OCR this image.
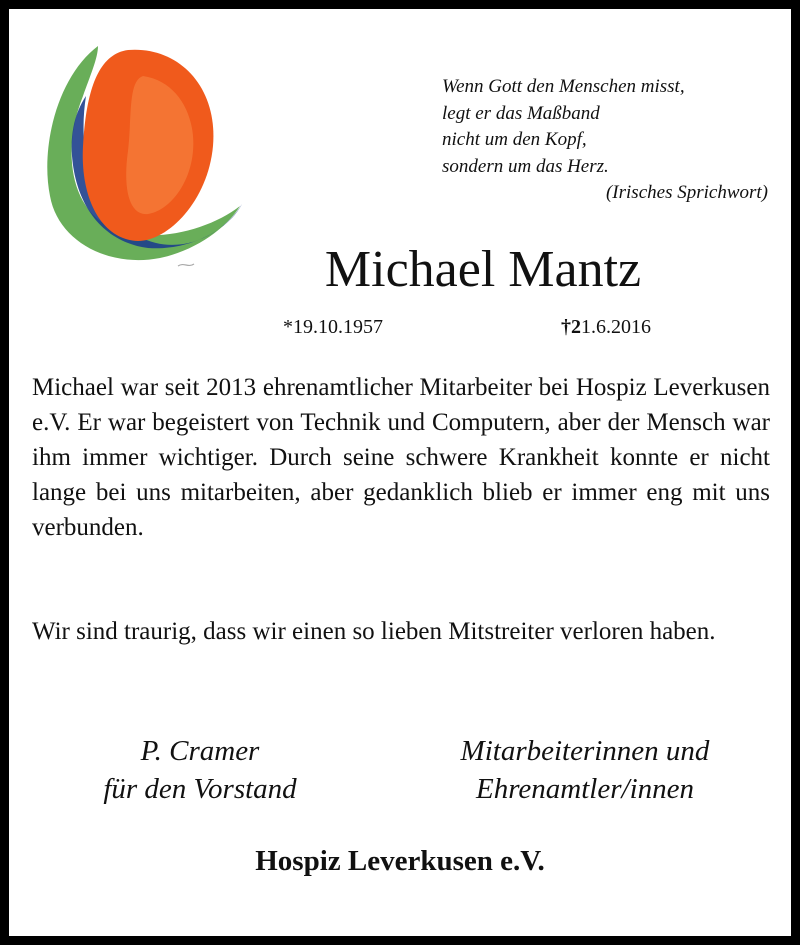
Wenn Gott den Menschen misst,
legt er das Maßband
nicht um den Kopf,
sondern um das Herz.
(Irisches Sprichwort)
Michael Mantz
*19.10.1957	†21.6.2016

Michael war seit 2013 ehrenamtlicher Mitarbeiter bei Hospiz Leverkusen e.V. Er war begeistert von Technik und Computern, aber der Mensch war ihm immer wichtiger. Durch seine schwere Krankheit konnte er nicht lange bei uns mitarbeiten, aber gedanklich blieb er immer eng mit uns verbunden.

Wir sind traurig, dass wir einen so lieben Mitstreiter verloren haben.

P. Cramer
für den Vorstand
Mitarbeiterinnen und
Ehrenamtler/innen
Hospiz Leverkusen e.V.
